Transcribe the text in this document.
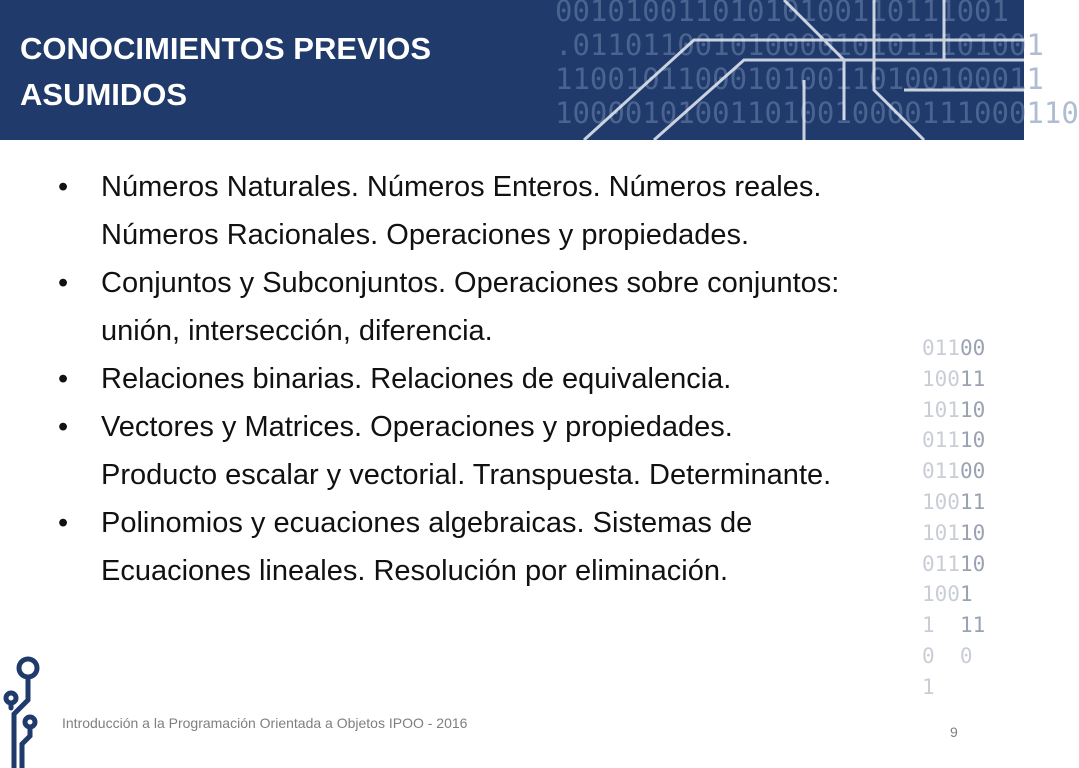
00101001101010100110111001
.011011001010000101011101001
1100101100010100110100100011
100001010011010010000111000110
CONOCIMIENTOS PREVIOS
ASUMIDOS
• Números Naturales. Números Enteros. Números reales.
Números Racionales. Operaciones y propiedades.
• Conjuntos y Subconjuntos. Operaciones sobre conjuntos:
unión, intersección, diferencia.
• Relaciones binarias. Relaciones de equivalencia.
• Vectores y Matrices. Operaciones y propiedades.
Producto escalar y vectorial. Transpuesta. Determinante.
• Polinomios y ecuaciones algebraicas. Sistemas de
Ecuaciones lineales. Resolución por eliminación.
01100
10011
10110
01110
01100
10011
10110
01110
1001
1  11
0  0
1
Introducción a la Programación Orientada a Objetos IPOO - 2016
9
